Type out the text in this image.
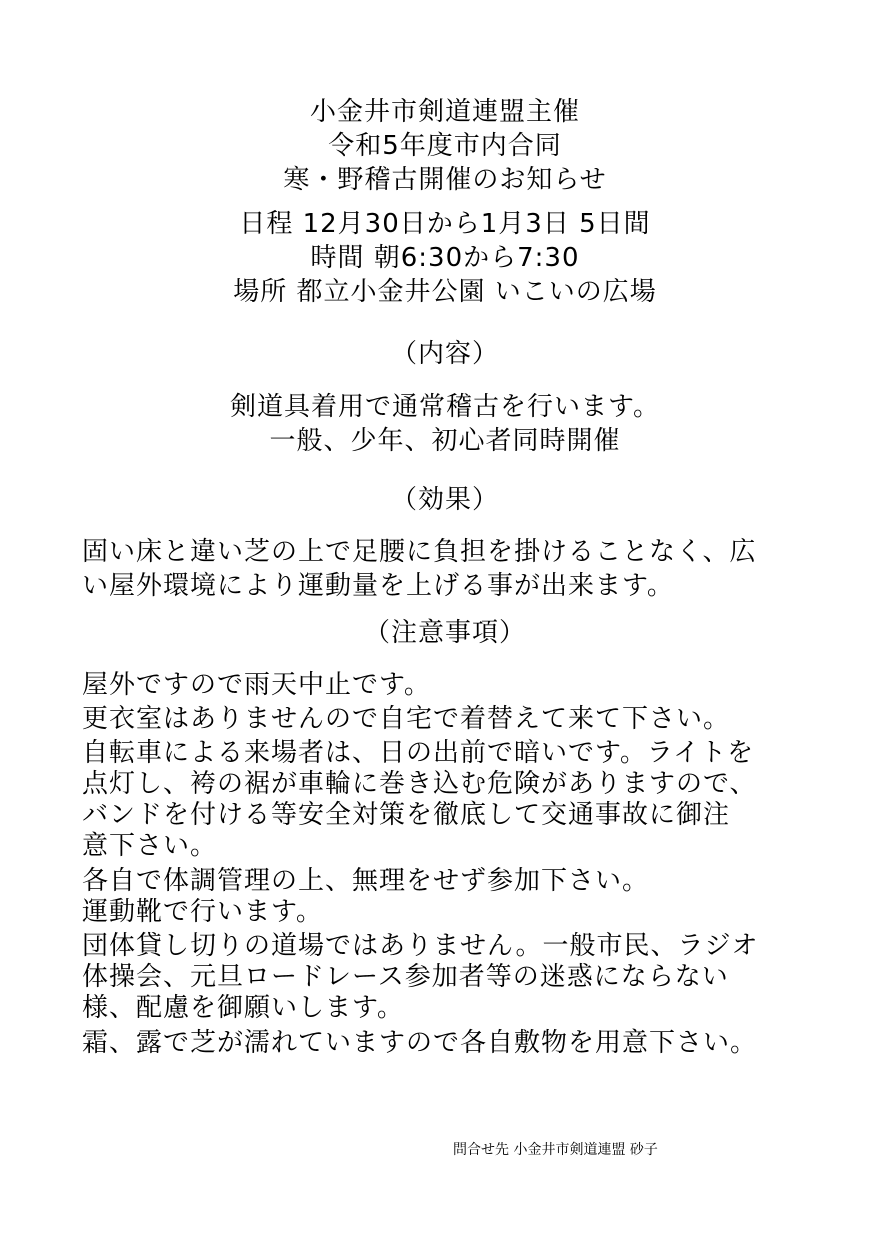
小金井市剣道連盟主催
令和5年度市内合同
寒・野稽古開催のお知らせ
日程 12月30日から1月3日 5日間
時間 朝6:30から7:30
場所 都立小金井公園 いこいの広場
（内容）
剣道具着用で通常稽古を行います。
一般、少年、初心者同時開催
（効果）
固い床と違い芝の上で足腰に負担を掛けることなく、広
い屋外環境により運動量を上げる事が出来ます。
（注意事項）
屋外ですので雨天中止です。
更衣室はありませんので自宅で着替えて来て下さい。
自転車による来場者は、日の出前で暗いです。ライトを
点灯し、袴の裾が車輪に巻き込む危険がありますので、
バンドを付ける等安全対策を徹底して交通事故に御注
意下さい。
各自で体調管理の上、無理をせず参加下さい。
運動靴で行います。
団体貸し切りの道場ではありません。一般市民、ラジオ
体操会、元旦ロードレース参加者等の迷惑にならない
様、配慮を御願いします。
霜、露で芝が濡れていますので各自敷物を用意下さい。
問合せ先 小金井市剣道連盟 砂子
